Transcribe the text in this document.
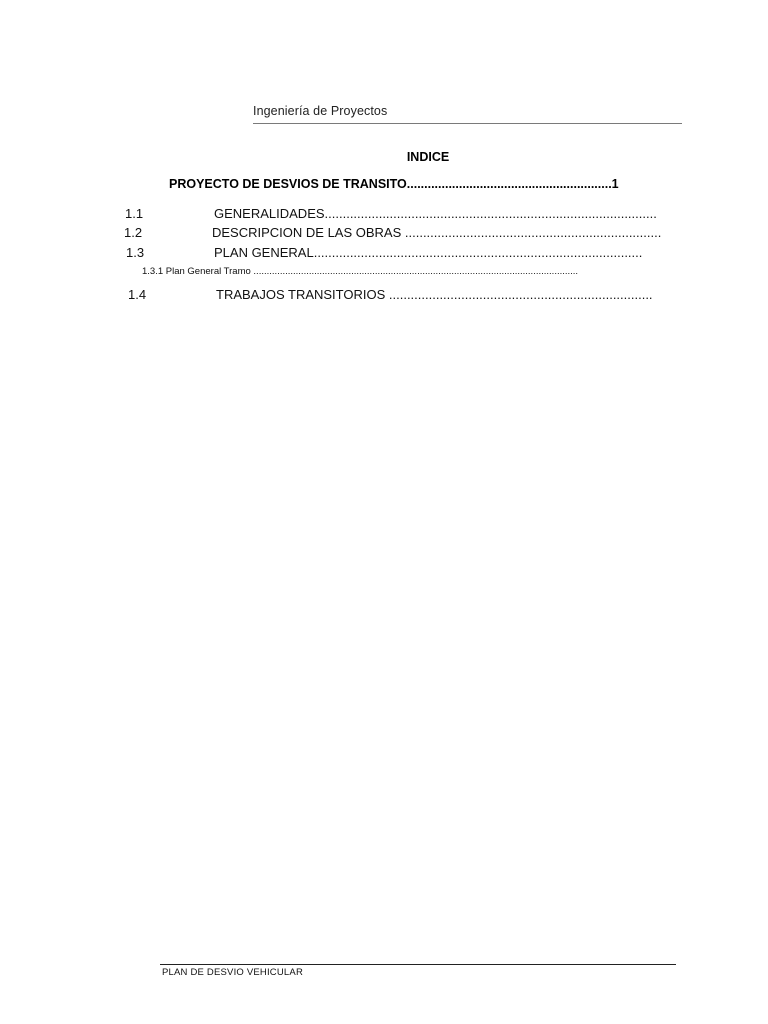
Ingeniería de Proyectos
INDICE
PROYECTO DE DESVIOS DE TRANSITO...........................................................1
1.1	GENERALIDADES............................................................................................
1.2	DESCRIPCION DE LAS OBRAS .......................................................................
1.3	PLAN GENERAL...........................................................................................
1.3.1 Plan General Tramo ...........................................................................................................................
1.4	TRABAJOS TRANSITORIOS .........................................................................
PLAN DE DESVIO VEHICULAR
